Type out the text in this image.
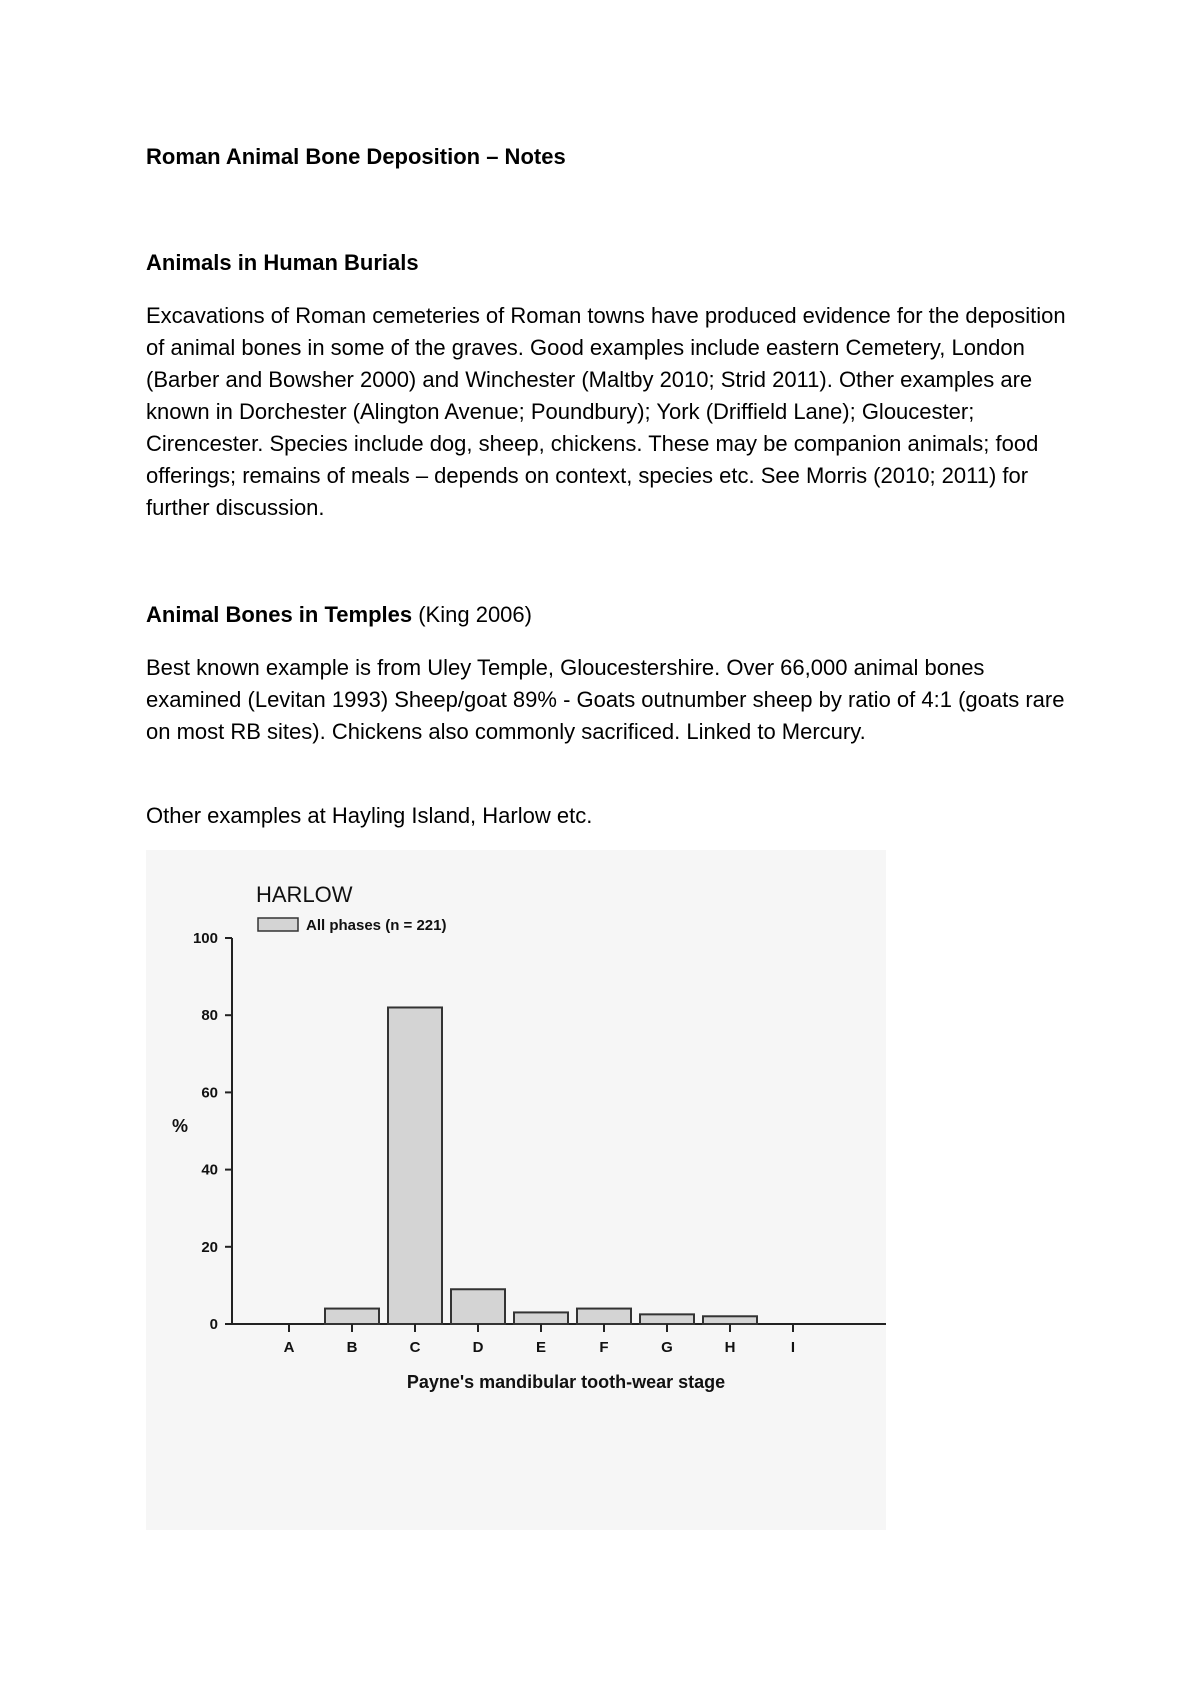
Roman Animal Bone Deposition – Notes
Animals in Human Burials

Excavations of Roman cemeteries of Roman towns have produced evidence for the deposition of animal bones in some of the graves. Good examples include eastern Cemetery, London (Barber and Bowsher 2000) and Winchester (Maltby 2010; Strid 2011). Other examples are known in Dorchester (Alington Avenue; Poundbury); York (Driffield Lane); Gloucester; Cirencester. Species include dog, sheep, chickens. These may be companion animals; food offerings; remains of meals – depends on context, species etc. See Morris (2010; 2011) for further discussion.

Animal Bones in Temples (King 2006)

Best known example is from Uley Temple, Gloucestershire. Over 66,000 animal bones examined (Levitan 1993) Sheep/goat 89% - Goats outnumber sheep by ratio of 4:1 (goats rare on most RB sites). Chickens also commonly sacrificed. Linked to Mercury.

Other examples at Hayling Island, Harlow etc.

HARLOW
All phases (n = 221)
0
20
40
60
80
100
%
A	B	C	D	E	F	G	H	I
Payne's mandibular tooth-wear stage
